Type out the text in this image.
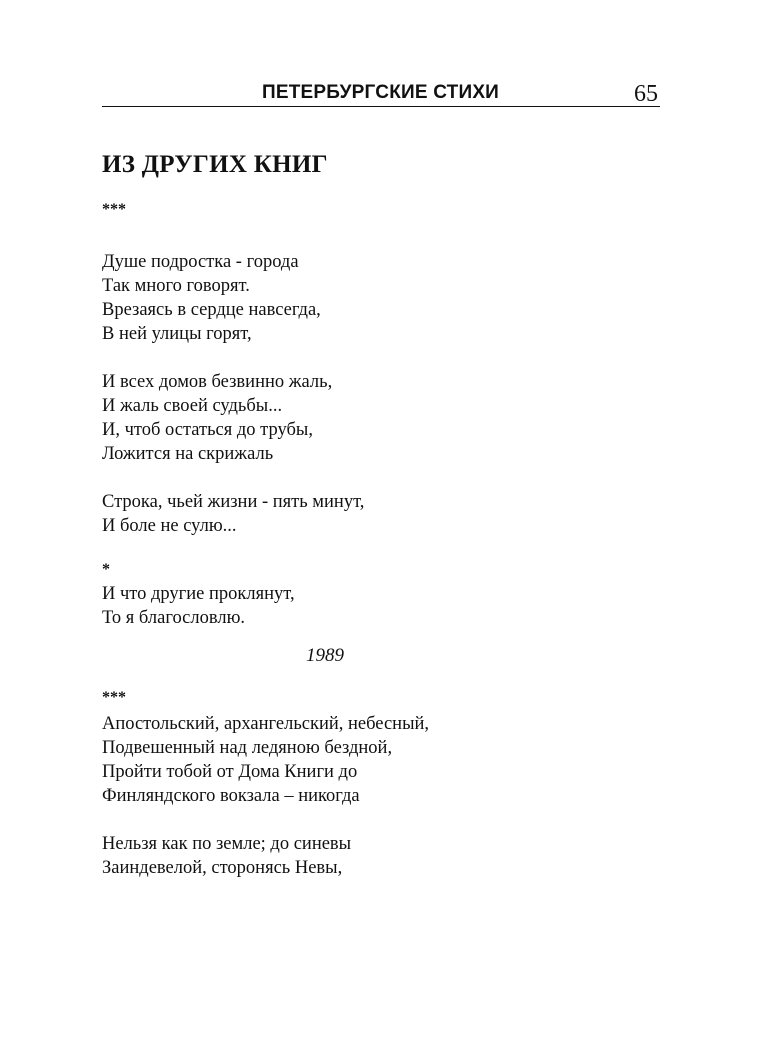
ПЕТЕРБУРГСКИЕ СТИХИ	65
ИЗ ДРУГИХ КНИГ
***
Душе подростка - города
Так много говорят.
Врезаясь в сердце навсегда,
В ней улицы горят,
И всех домов безвинно жаль,
И жаль своей судьбы...
И, чтоб остаться до трубы,
Ложится на скрижаль
Строка, чьей жизни - пять минут,
И боле не сулю...
*
И что другие проклянут,
То я благословлю.
1989
***
Апостольский, архангельский, небесный,
Подвешенный над ледяною бездной,
Пройти тобой от Дома Книги до
Финляндского вокзала – никогда
Нельзя как по земле; до синевы
Заиндевелой, сторонясь Невы,
